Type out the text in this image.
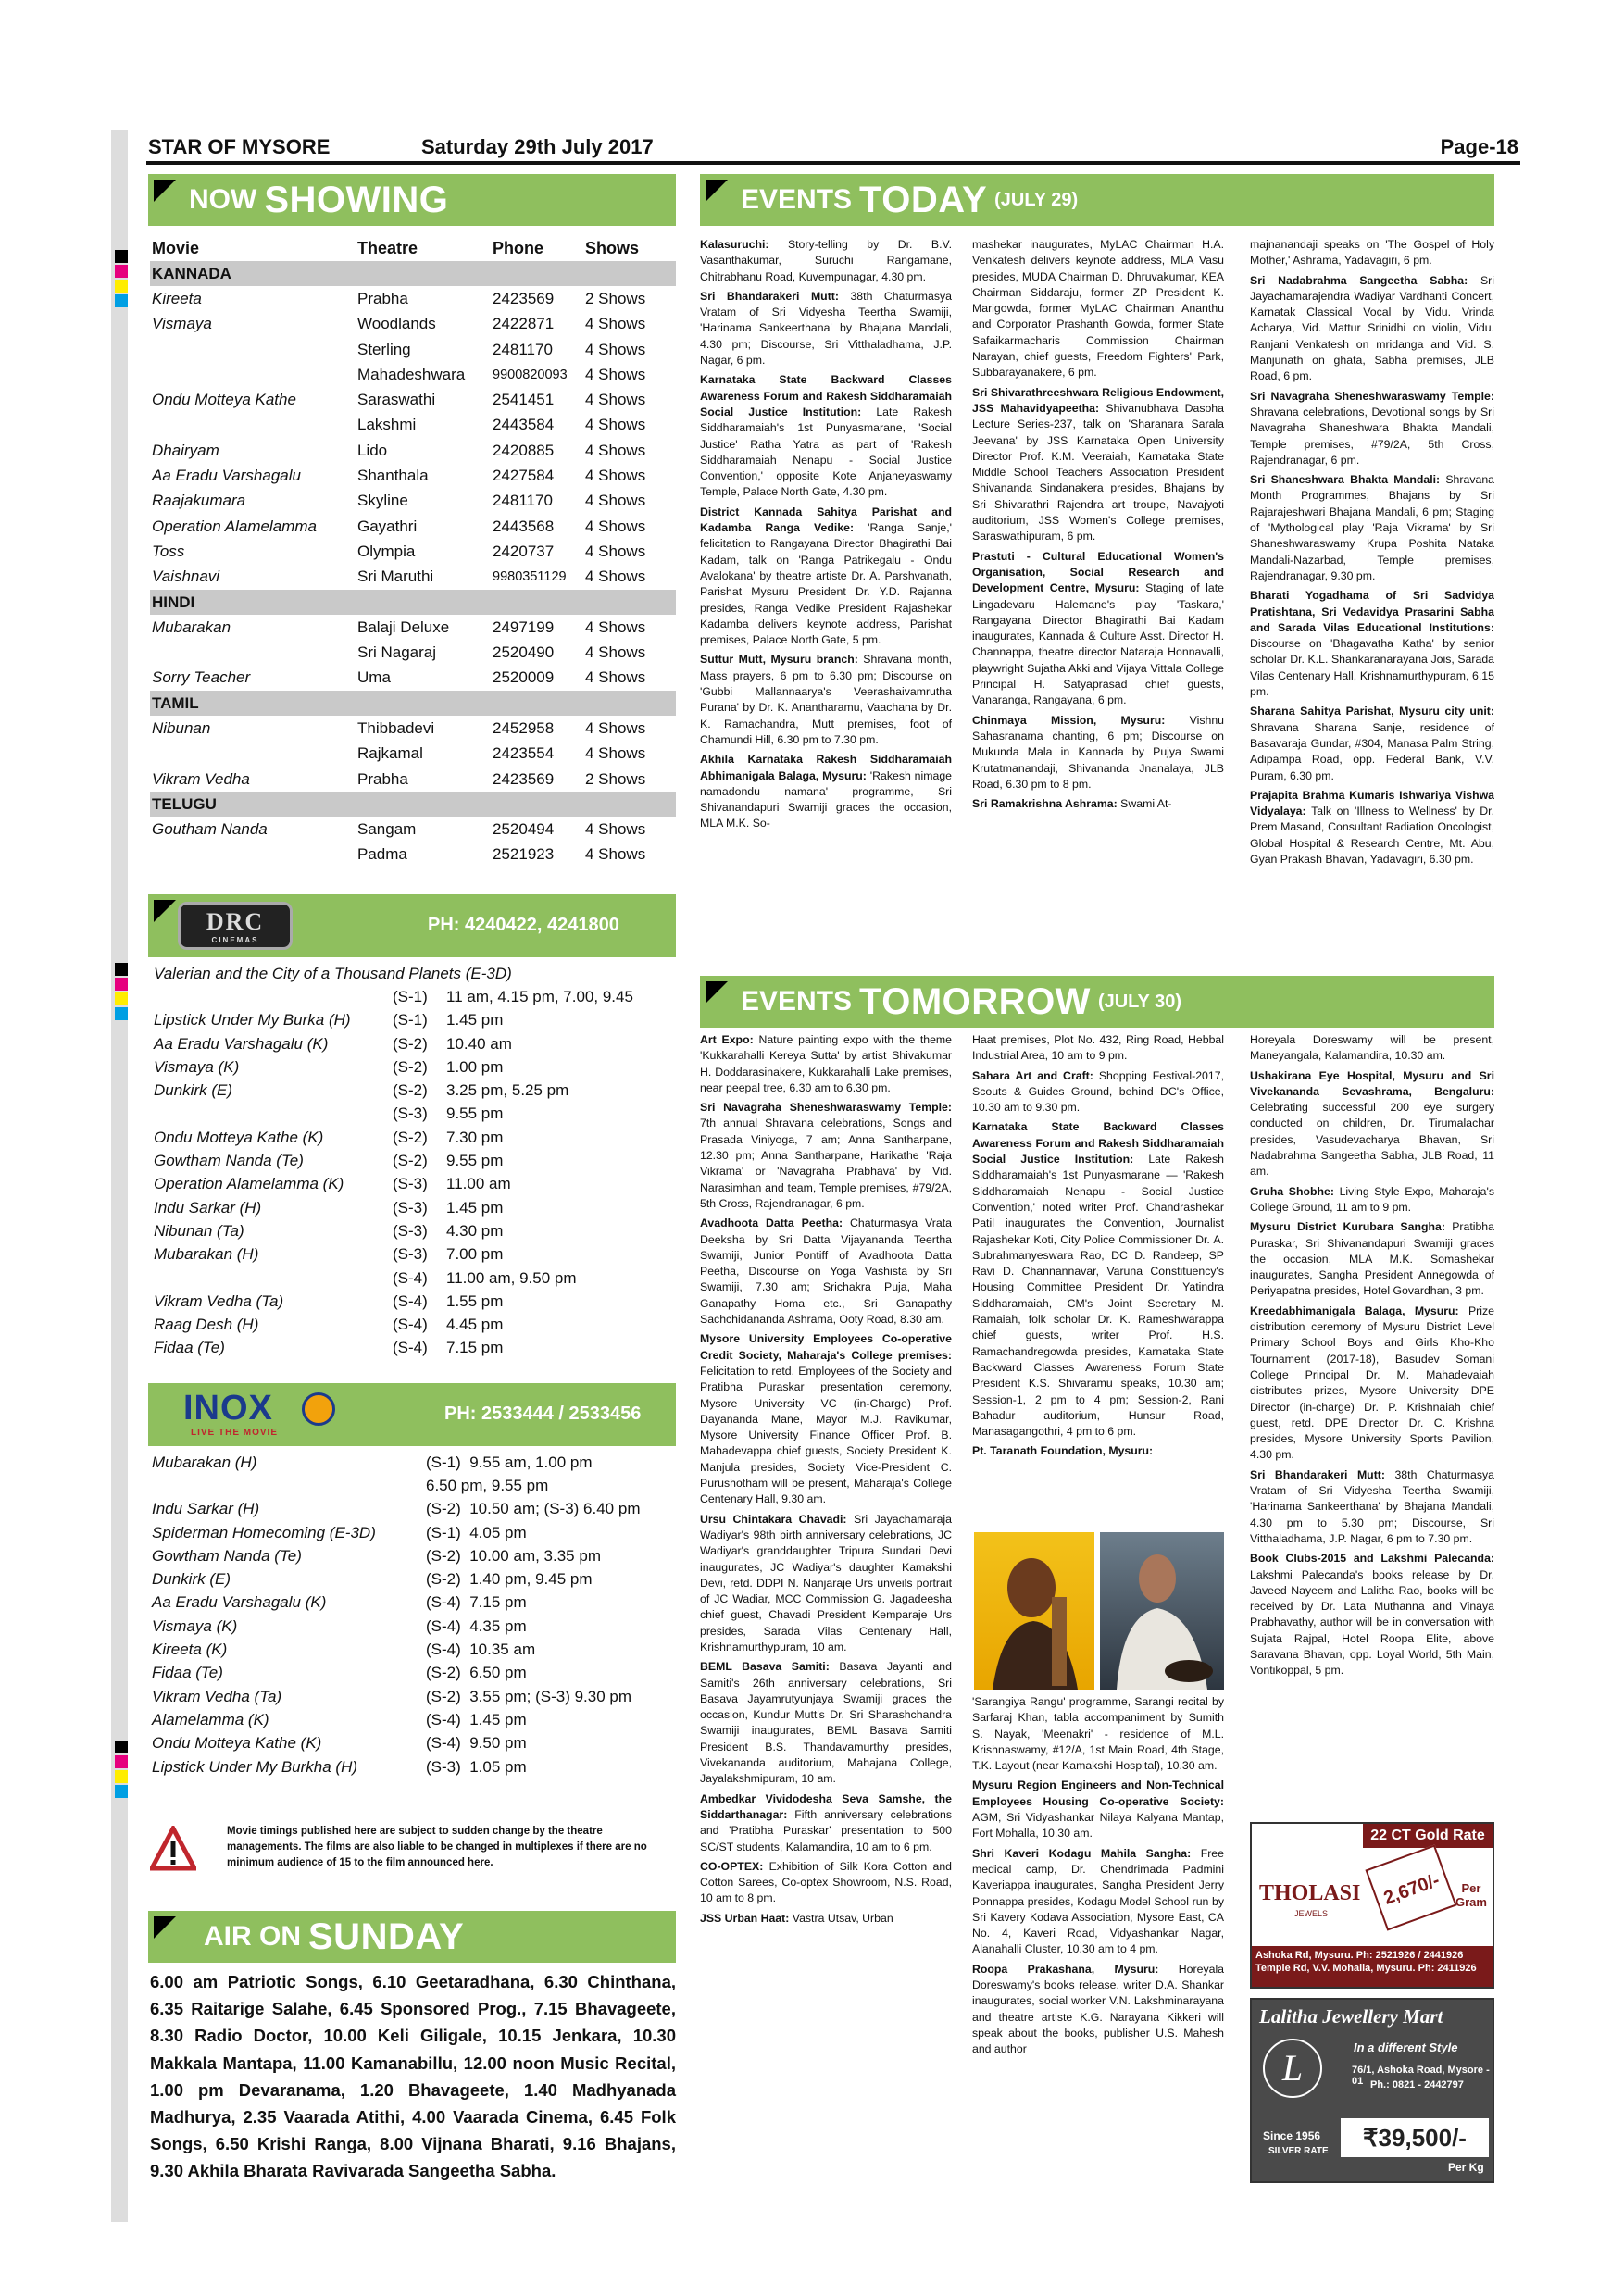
STAR OF MYSORE	Saturday 29th July 2017	Page-18
NOW SHOWING
Movie	Theatre	Phone	Shows
KANNADA			
Kireeta	Prabha	2423569	2 Shows
Vismaya	Woodlands	2422871	4 Shows
	Sterling	2481170	4 Shows
	Mahadeshwara	9900820093	4 Shows
Ondu Motteya Kathe	Saraswathi	2541451	4 Shows
	Lakshmi	2443584	4 Shows
Dhairyam	Lido	2420885	4 Shows
Aa Eradu Varshagalu	Shanthala	2427584	4 Shows
Raajakumara	Skyline	2481170	4 Shows
Operation Alamelamma	Gayathri	2443568	4 Shows
Toss	Olympia	2420737	4 Shows
Vaishnavi	Sri Maruthi	9980351129	4 Shows
HINDI			
Mubarakan	Balaji Deluxe	2497199	4 Shows
	Sri Nagaraj	2520490	4 Shows
Sorry Teacher	Uma	2520009	4 Shows
TAMIL			
Nibunan	Thibbadevi	2452958	4 Shows
	Rajkamal	2423554	4 Shows
Vikram Vedha	Prabha	2423569	2 Shows
TELUGU			
Goutham Nanda	Sangam	2520494	4 Shows
	Padma	2521923	4 Shows
DRC
CINEMAS
PH: 4240422, 4241800
Valerian and the City of a Thousand Planets (E-3D)		
	(S-1)	11 am, 4.15 pm, 7.00, 9.45
Lipstick Under My Burka (H)	(S-1)	1.45 pm
Aa Eradu Varshagalu (K)	(S-2)	10.40 am
Vismaya (K)	(S-2)	1.00 pm
Dunkirk (E)	(S-2)	3.25 pm, 5.25 pm
	(S-3)	9.55 pm
Ondu Motteya Kathe (K)	(S-2)	7.30 pm
Gowtham Nanda (Te)	(S-2)	9.55 pm
Operation Alamelamma (K)	(S-3)	11.00 am
Indu Sarkar (H)	(S-3)	1.45 pm
Nibunan (Ta)	(S-3)	4.30 pm
Mubarakan (H)	(S-3)	7.00 pm
	(S-4)	11.00 am, 9.50 pm
Vikram Vedha (Ta)	(S-4)	1.55 pm
Raag Desh (H)	(S-4)	4.45 pm
Fidaa (Te)	(S-4)	7.15 pm
INOX
LIVE THE MOVIE
PH: 2533444 / 2533456
Mubarakan (H)	(S-1)  9.55 am, 1.00 pm
	6.50 pm, 9.55 pm
Indu Sarkar (H)	(S-2)  10.50 am; (S-3) 6.40 pm
Spiderman Homecoming (E-3D)	(S-1)  4.05 pm
Gowtham Nanda (Te)	(S-2)  10.00 am, 3.35 pm
Dunkirk (E)	(S-2)  1.40 pm, 9.45 pm
Aa Eradu Varshagalu (K)	(S-4)  7.15 pm
Vismaya (K)	(S-4)  4.35 pm
Kireeta (K)	(S-4)  10.35 am
Fidaa (Te)	(S-2)  6.50 pm
Vikram Vedha (Ta)	(S-2)  3.55 pm; (S-3) 9.30 pm
Alamelamma (K)	(S-4)  1.45 pm
Ondu Motteya Kathe (K)	(S-4)  9.50 pm
Lipstick Under My Burkha (H)	(S-3)  1.05 pm
Movie timings published here are subject to sudden change by the theatre managements. The films are also liable to be changed in multiplexes if there are no minimum audience of 15 to the film announced here.
AIR ON SUNDAY
6.00 am Patriotic Songs, 6.10 Geetaradhana, 6.30 Chinthana, 6.35 Raitarige Salahe, 6.45 Sponsored Prog., 7.15 Bhavageete, 8.30 Radio Doctor, 10.00 Keli Giligale, 10.15 Jenkara, 10.30 Makkala Mantapa, 11.00 Kamanabillu, 12.00 noon Music Recital, 1.00 pm Devaranama, 1.20 Bhavageete, 1.40 Madhyanada Madhurya, 2.35 Vaarada Atithi, 4.00 Vaarada Cinema, 6.45 Folk Songs, 6.50 Krishi Ranga, 8.00 Vijnana Bharati, 9.16 Bhajans, 9.30 Akhila Bharata Ravivarada Sangeetha Sabha.
EVENTS TODAY (JULY 29)

Kalasuruchi: Story-telling by Dr. B.V. Vasanthakumar, Suruchi Rangamane, Chitrabhanu Road, Kuvempunagar, 4.30 pm.

Sri Bhandarakeri Mutt: 38th Chaturmasya Vratam of Sri Vidyesha Teertha Swamiji, 'Harinama Sankeerthana' by Bhajana Mandali, 4.30 pm; Discourse, Sri Vitthaladhama, J.P. Nagar, 6 pm.

Karnataka State Backward Classes Awareness Forum and Rakesh Siddharamaiah Social Justice Institution: Late Rakesh Siddharamaiah's 1st Punyasmarane, 'Social Justice' Ratha Yatra as part of 'Rakesh Siddharamaiah Nenapu - Social Justice Convention,' opposite Kote Anjaneyaswamy Temple, Palace North Gate, 4.30 pm.

District Kannada Sahitya Parishat and Kadamba Ranga Vedike: 'Ranga Sanje,' felicitation to Rangayana Director Bhagirathi Bai Kadam, talk on 'Ranga Patrikegalu - Ondu Avalokana' by theatre artiste Dr. A. Parshvanath, Parishat Mysuru President Dr. Y.D. Rajanna presides, Ranga Vedike President Rajashekar Kadamba delivers keynote address, Parishat premises, Palace North Gate, 5 pm.

Suttur Mutt, Mysuru branch: Shravana month, Mass prayers, 6 pm to 6.30 pm; Discourse on 'Gubbi Mallannaarya's Veerashaivamrutha Purana' by Dr. K. Anantharamu, Vaachana by Dr. K. Ramachandra, Mutt premises, foot of Chamundi Hill, 6.30 pm to 7.30 pm.

Akhila Karnataka Rakesh Siddharamaiah Abhimanigala Balaga, Mysuru: 'Rakesh nimage namadondu namana' programme, Sri Shivanandapuri Swamiji graces the occasion, MLA M.K. So-

mashekar inaugurates, MyLAC Chairman H.A. Venkatesh delivers keynote address, MLA Vasu presides, MUDA Chairman D. Dhruvakumar, KEA Chairman Siddaraju, former ZP President K. Marigowda, former MyLAC Chairman Ananthu and Corporator Prashanth Gowda, former State Safaikarmacharis Commission Chairman Narayan, chief guests, Freedom Fighters' Park, Subbarayanakere, 6 pm.

Sri Shivarathreeshwara Religious Endowment, JSS Mahavidyapeetha: Shivanubhava Dasoha Lecture Series-237, talk on 'Sharanara Sarala Jeevana' by JSS Karnataka Open University Director Prof. K.M. Veeraiah, Karnataka State Middle School Teachers Association President Shivananda Sindanakera presides, Bhajans by Sri Shivarathri Rajendra art troupe, Navajyoti auditorium, JSS Women's College premises, Saraswathipuram, 6 pm.

Prastuti - Cultural Educational Women's Organisation, Social Research and Development Centre, Mysuru: Staging of late Lingadevaru Halemane's play 'Taskara,' Rangayana Director Bhagirathi Bai Kadam inaugurates, Kannada & Culture Asst. Director H. Channappa, theatre director Nataraja Honnavalli, playwright Sujatha Akki and Vijaya Vittala College Principal H. Satyaprasad chief guests, Vanaranga, Rangayana, 6 pm.

Chinmaya Mission, Mysuru: Vishnu Sahasranama chanting, 6 pm; Discourse on Mukunda Mala in Kannada by Pujya Swami Krutatmanandaji, Shivananda Jnanalaya, JLB Road, 6.30 pm to 8 pm.

Sri Ramakrishna Ashrama: Swami At-

majnanandaji speaks on 'The Gospel of Holy Mother,' Ashrama, Yadavagiri, 6 pm.

Sri Nadabrahma Sangeetha Sabha: Sri Jayachamarajendra Wadiyar Vardhanti Concert, Karnatak Classical Vocal by Vidu. Vrinda Acharya, Vid. Mattur Srinidhi on violin, Vidu. Ranjani Venkatesh on mridanga and Vid. S. Manjunath on ghata, Sabha premises, JLB Road, 6 pm.

Sri Navagraha Sheneshwaraswamy Temple: Shravana celebrations, Devotional songs by Sri Navagraha Shaneshwara Bhakta Mandali, Temple premises, #79/2A, 5th Cross, Rajendranagar, 6 pm.

Sri Shaneshwara Bhakta Mandali: Shravana Month Programmes, Bhajans by Sri Rajarajeshwari Bhajana Mandali, 6 pm; Staging of 'Mythological play 'Raja Vikrama' by Sri Shaneshwaraswamy Krupa Poshita Nataka Mandali-Nazarbad, Temple premises, Rajendranagar, 9.30 pm.

Bharati Yogadhama of Sri Sadvidya Pratishtana, Sri Vedavidya Prasarini Sabha and Sarada Vilas Educational Institutions: Discourse on 'Bhagavatha Katha' by senior scholar Dr. K.L. Shankaranarayana Jois, Sarada Vilas Centenary Hall, Krishnamurthypuram, 6.15 pm.

Sharana Sahitya Parishat, Mysuru city unit: Shravana Sharana Sanje, residence of Basavaraja Gundar, #304, Manasa Palm String, Adipampa Road, opp. Federal Bank, V.V. Puram, 6.30 pm.

Prajapita Brahma Kumaris Ishwariya Vishwa Vidyalaya: Talk on 'Illness to Wellness' by Dr. Prem Masand, Consultant Radiation Oncologist, Global Hospital & Research Centre, Mt. Abu, Gyan Prakash Bhavan, Yadavagiri, 6.30 pm.

EVENTS TOMORROW (JULY 30)

Art Expo: Nature painting expo with the theme 'Kukkarahalli Kereya Sutta' by artist Shivakumar H. Doddarasinakere, Kukkarahalli Lake premises, near peepal tree, 6.30 am to 6.30 pm.

Sri Navagraha Sheneshwaraswamy Temple: 7th annual Shravana celebrations, Songs and Prasada Viniyoga, 7 am; Anna Santharpane, 12.30 pm; Anna Santharpane, Harikathe 'Raja Vikrama' or 'Navagraha Prabhava' by Vid. Narasimhan and team, Temple premises, #79/2A, 5th Cross, Rajendranagar, 6 pm.

Avadhoota Datta Peetha: Chaturmasya Vrata Deeksha by Sri Datta Vijayananda Teertha Swamiji, Junior Pontiff of Avadhoota Datta Peetha, Discourse on Yoga Vashista by Sri Swamiji, 7.30 am; Srichakra Puja, Maha Ganapathy Homa etc., Sri Ganapathy Sachchidananda Ashrama, Ooty Road, 8.30 am.

Mysore University Employees Co-operative Credit Society, Maharaja's College premises: Felicitation to retd. Employees of the Society and Pratibha Puraskar presentation ceremony, Mysore University VC (in-Charge) Prof. Dayananda Mane, Mayor M.J. Ravikumar, Mysore University Finance Officer Prof. B. Mahadevappa chief guests, Society President K. Manjula presides, Society Vice-President C. Purushotham will be present, Maharaja's College Centenary Hall, 9.30 am.

Ursu Chintakara Chavadi: Sri Jayachamaraja Wadiyar's 98th birth anniversary celebrations, JC Wadiyar's granddaughter Tripura Sundari Devi inaugurates, JC Wadiyar's daughter Kamakshi Devi, retd. DDPI N. Nanjaraje Urs unveils portrait of JC Wadiar, MCC Commission G. Jagadeesha chief guest, Chavadi President Kemparaje Urs presides, Sarada Vilas Centenary Hall, Krishnamurthypuram, 10 am.

BEML Basava Samiti: Basava Jayanti and Samiti's 26th anniversary celebrations, Sri Basava Jayamrutyunjaya Swamiji graces the occasion, Kundur Mutt's Dr. Sri Sharashchandra Swamiji inaugurates, BEML Basava Samiti President B.S. Thandavamurthy presides, Vivekananda auditorium, Mahajana College, Jayalakshmipuram, 10 am.

Ambedkar Vividodesha Seva Samshe, the Siddarthanagar: Fifth anniversary celebrations and 'Pratibha Puraskar' presentation to 500 SC/ST students, Kalamandira, 10 am to 6 pm.

CO-OPTEX: Exhibition of Silk Kora Cotton and Cotton Sarees, Co-optex Showroom, N.S. Road, 10 am to 8 pm.

JSS Urban Haat: Vastra Utsav, Urban

Haat premises, Plot No. 432, Ring Road, Hebbal Industrial Area, 10 am to 9 pm.

Sahara Art and Craft: Shopping Festival-2017, Scouts & Guides Ground, behind DC's Office, 10.30 am to 9.30 pm.

Karnataka State Backward Classes Awareness Forum and Rakesh Siddharamaiah Social Justice Institution: Late Rakesh Siddharamaiah's 1st Punyasmarane — 'Rakesh Siddharamaiah Nenapu - Social Justice Convention,' noted writer Prof. Chandrashekar Patil inaugurates the Convention, Journalist Rajashekar Koti, City Police Commissioner Dr. A. Subrahmanyeswara Rao, DC D. Randeep, SP Ravi D. Channannavar, Varuna Constituency's Housing Committee President Dr. Yatindra Siddharamaiah, CM's Joint Secretary M. Ramaiah, folk scholar Dr. K. Rameshwarappa chief guests, writer Prof. H.S. Ramachandregowda presides, Karnataka State Backward Classes Awareness Forum State President K.S. Shivaramu speaks, 10.30 am; Session-1, 2 pm to 4 pm; Session-2, Rani Bahadur auditorium, Hunsur Road, Manasagangothri, 4 pm to 6 pm.

Pt. Taranath Foundation, Mysuru:

'Sarangiya Rangu' programme, Sarangi recital by Sarfaraj Khan, tabla accompaniment by Sumith S. Nayak, 'Meenakri' - residence of M.L. Krishnaswamy, #12/A, 1st Main Road, 4th Stage, T.K. Layout (near Kamakshi Hospital), 10.30 am.

Mysuru Region Engineers and Non-Technical Employees Housing Co-operative Society: AGM, Sri Vidyashankar Nilaya Kalyana Mantap, Fort Mohalla, 10.30 am.

Shri Kaveri Kodagu Mahila Sangha: Free medical camp, Dr. Chendrimada Padmini Kaveriappa inaugurates, Sangha President Jerry Ponnappa presides, Kodagu Model School run by Sri Kavery Kodava Association, Mysore East, CA No. 4, Kaveri Road, Vidyashankar Nagar, Alanahalli Cluster, 10.30 am to 4 pm.

Roopa Prakashana, Mysuru: Horeyala Doreswamy's books release, writer D.A. Shankar inaugurates, social worker V.N. Lakshminarayana and theatre artiste K.G. Narayana Kikkeri will speak about the books, publisher U.S. Mahesh and author

Horeyala Doreswamy will be present, Maneyangala, Kalamandira, 10.30 am.

Ushakirana Eye Hospital, Mysuru and Sri Vivekananda Sevashrama, Bengaluru: Celebrating successful 200 eye surgery conducted on children, Dr. Tirumalachar presides, Vasudevacharya Bhavan, Sri Nadabrahma Sangeetha Sabha, JLB Road, 11 am.

Gruha Shobhe: Living Style Expo, Maharaja's College Ground, 11 am to 9 pm.

Mysuru District Kurubara Sangha: Pratibha Puraskar, Sri Shivanandapuri Swamiji graces the occasion, MLA M.K. Somashekar inaugurates, Sangha President Annegowda of Periyapatna presides, Hotel Govardhan, 3 pm.

Kreedabhimanigala Balaga, Mysuru: Prize distribution ceremony of Mysuru District Level Primary School Boys and Girls Kho-Kho Tournament (2017-18), Basudev Somani College Principal Dr. M. Mahadevaiah distributes prizes, Mysore University DPE Director (in-charge) Dr. P. Krishnaiah chief guest, retd. DPE Director Dr. C. Krishna presides, Mysore University Sports Pavilion, 4.30 pm.

Sri Bhandarakeri Mutt: 38th Chaturmasya Vratam of Sri Vidyesha Teertha Swamiji, 'Harinama Sankeerthana' by Bhajana Mandali, 4.30 pm to 5.30 pm; Discourse, Sri Vitthaladhama, J.P. Nagar, 6 pm to 7.30 pm.

Book Clubs-2015 and Lakshmi Palecanda: Lakshmi Palecanda's books release by Dr. Javeed Nayeem and Lalitha Rao, books will be received by Dr. Lata Muthanna and Vinaya Prabhavathy, author will be in conversation with Sujata Rajpal, Hotel Roopa Elite, above Saravana Bhavan, opp. Loyal World, 5th Main, Vontikoppal, 5 pm.

22 CT Gold Rate
THOLASI
JEWELS
2,670/-	Per Gram
Ashoka Rd, Mysuru. Ph: 2521926 / 2441926
Temple Rd, V.V. Mohalla, Mysuru. Ph: 2411926
Lalitha Jewellery Mart
In a different Style
L	76/1, Ashoka Road, Mysore - 01 Ph.: 0821 - 2442797
Since 1956
SILVER RATE	₹39,500/-
Per Kg
